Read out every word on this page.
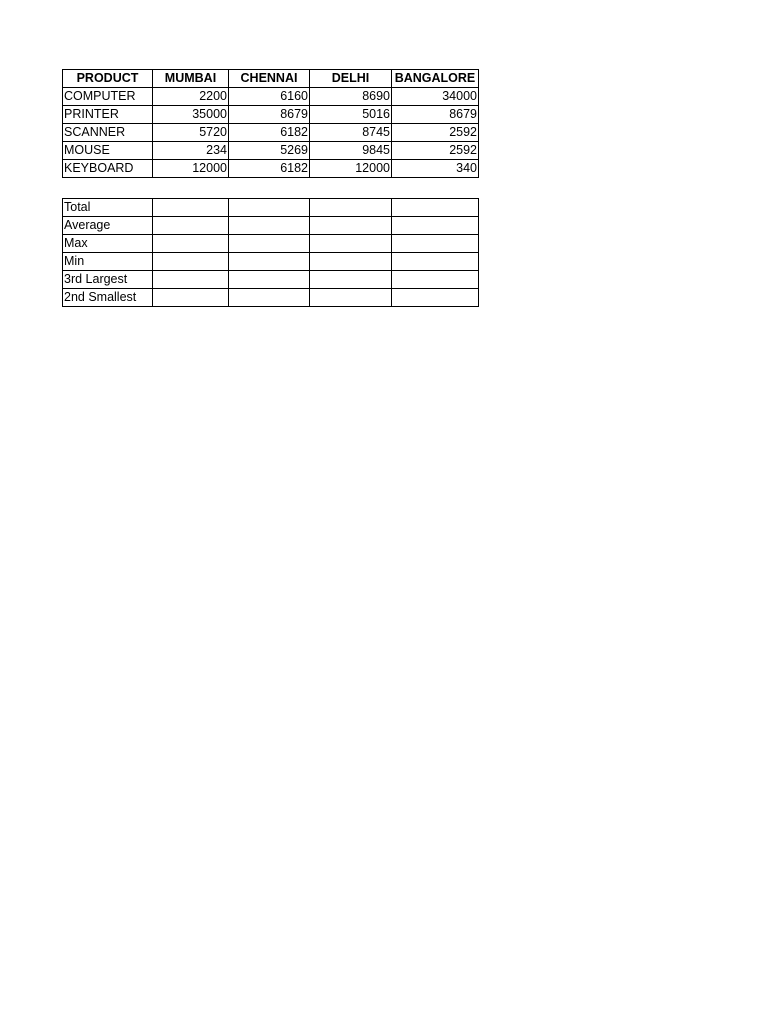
PRODUCT	MUMBAI	CHENNAI	DELHI	BANGALORE
COMPUTER	2200	6160	8690	34000
PRINTER	35000	8679	5016	8679
SCANNER	5720	6182	8745	2592
MOUSE	234	5269	9845	2592
KEYBOARD	12000	6182	12000	340
Total				
Average				
Max				
Min				
3rd Largest				
2nd Smallest				
